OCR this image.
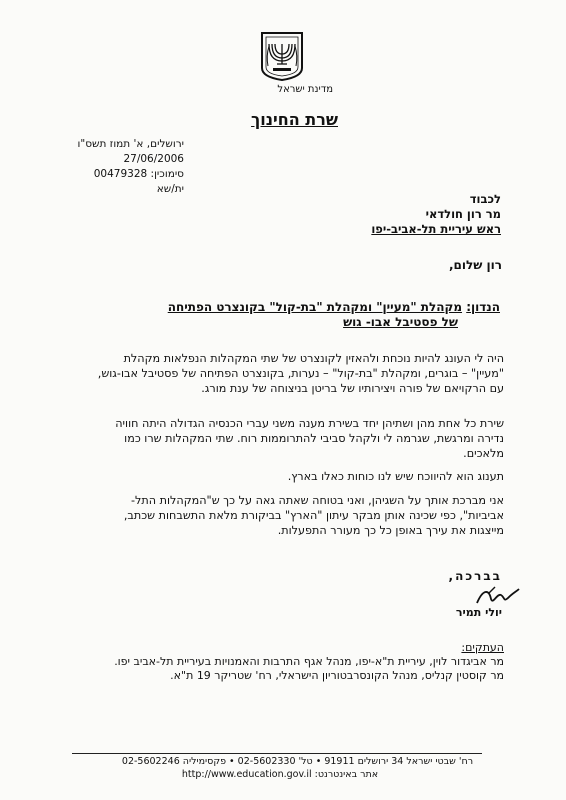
מדינת ישראל
שרת החינוך
ירושלים, א' תמוז תשס"ו
27/06/2006
סימוכין: 00479328
ית/שא
לכבוד
מר רון חולדאי
ראש עיריית תל-אביב-יפו
רון שלום,
הנדון: מקהלת "מעיין" ומקהלת "בת-קול" בקונצרט הפתיחה
של פסטיבל אבו- גוש
היה לי העונג להיות נוכחת ולהאזין לקונצרט של שתי המקהלות הנפלאות מקהלת
"מעיין" – בוגרים, ומקהלת "בת-קול" – נערות, בקונצרט הפתיחה של פסטיבל אבו-גוש,
עם הרקויאם של פורה ויצירותיו של בריטן בניצוחה של ענת מורג.
שירת כל אחת מהן ושתיהן יחד בשירת מענה משני עברי הכנסיה הגדולה היתה חוויה
נדירה ומרגשת, שגרמה לי ולקהל סביבי להתרוממות רוח. שתי המקהלות שרו כמו
מלאכים.
תענוג הוא להיווכח שיש לנו כוחות כאלו בארץ.
אני מברכת אותך על השגיהן, ואני בטוחה שאתה גאה על כך ש"המקהלות התל-
אביביות", כפי שכינה אותן מבקר עיתון "הארץ" בביקורת מלאת התשבחות שכתב,
מייצגות את עירך באופן כל כך מעורר התפעלות.
בברכה,
יולי תמיר
העתקים:
מר אביגדור לוין, עיריית ת"א-יפו, מנהל אגף התרבות והאמנויות בעיריית תל-אביב יפו.
מר קוסטין קנליס, מנהל הקונסרבטוריון הישראלי, רח' שטריקר 19 ת"א.
רח' שבטי ישראל 34 ירושלים 91911 • טל' 02-5602330 • פקסימיליה 02-5602246
אתר באינטרנט: http://www.education.gov.il
